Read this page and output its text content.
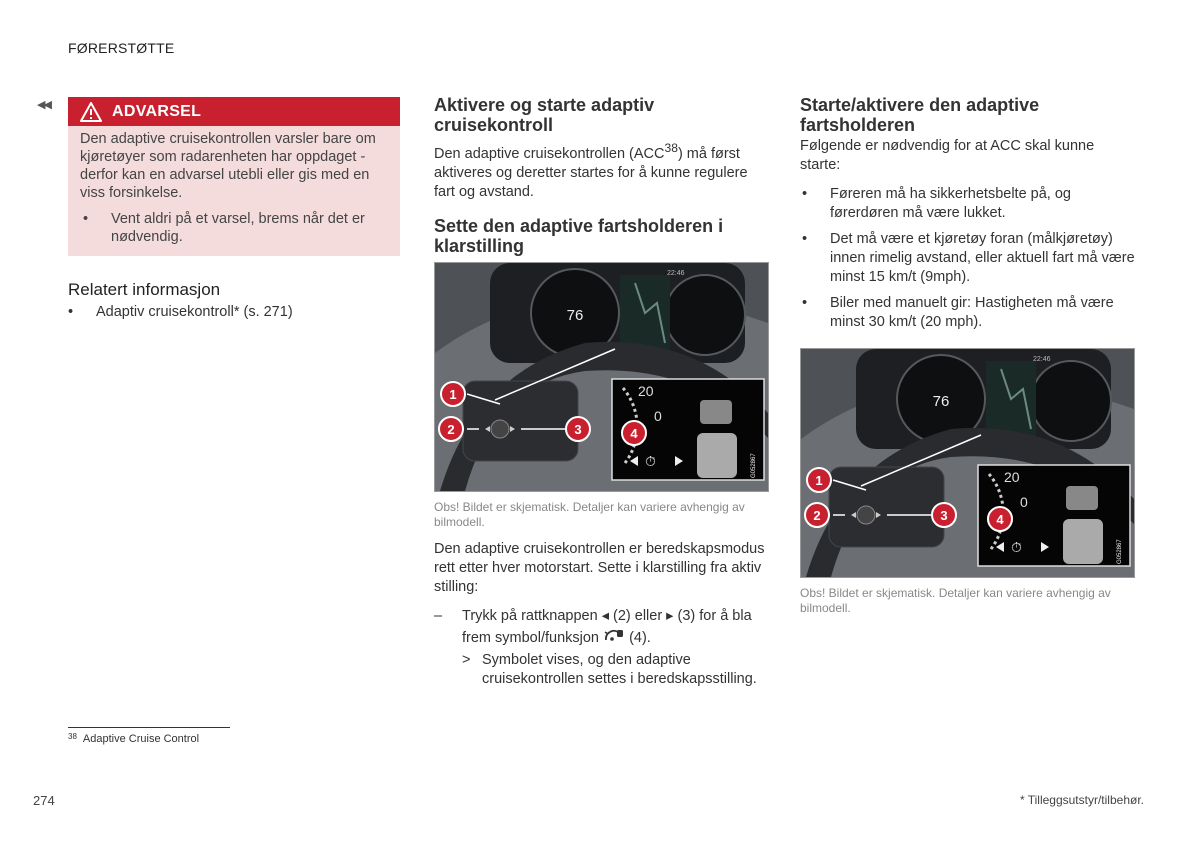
FØRERSTØTTE
◀◀	ADVARSEL

Den adaptive cruisekontrollen varsler bare om kjøretøyer som radarenheten har oppdaget - derfor kan en advarsel utebli eller gis med en viss forsinkelse.

•	Vent aldri på et varsel, brems når det er nødvendig.
Relatert informasjon
•	Adaptiv cruisekontroll* (s. 271)
Aktivere og starte adaptiv cruisekontroll

Den adaptive cruisekontrollen (ACC$^{38}$) må først aktiveres og deretter startes for å kunne regulere fart og avstand.

Sette den adaptive fartsholderen i klarstilling
76
22:46
20
0
⏱	G052867
1
2	3	4
Obs! Bildet er skjematisk. Detaljer kan variere avhengig av bilmodell.

Den adaptive cruisekontrollen er beredskapsmodus rett etter hver motorstart. Sette i klarstilling fra aktiv stilling:

–	Trykk på rattknappen ◂ (2) eller ▸ (3) for å bla frem symbol/funksjon (4).
> Symbolet vises, og den adaptive cruisekontrollen settes i beredskapsstilling.
Starte/aktivere den adaptive fartsholderen

Følgende er nødvendig for at ACC skal kunne starte:

•	Føreren må ha sikkerhetsbelte på, og førerdøren må være lukket.
•	Det må være et kjøretøy foran (målkjøretøy) innen rimelig avstand, eller aktuell fart må være minst 15 km/t (9mph).
•	Biler med manuelt gir: Hastigheten må være minst 30 km/t (20 mph).
76
22:46
20
0
⏱	G052867
1
2	3	4
Obs! Bildet er skjematisk. Detaljer kan variere avhengig av bilmodell.
$^{38}$ Adaptive Cruise Control
274	* Tilleggsutstyr/tilbehør.
